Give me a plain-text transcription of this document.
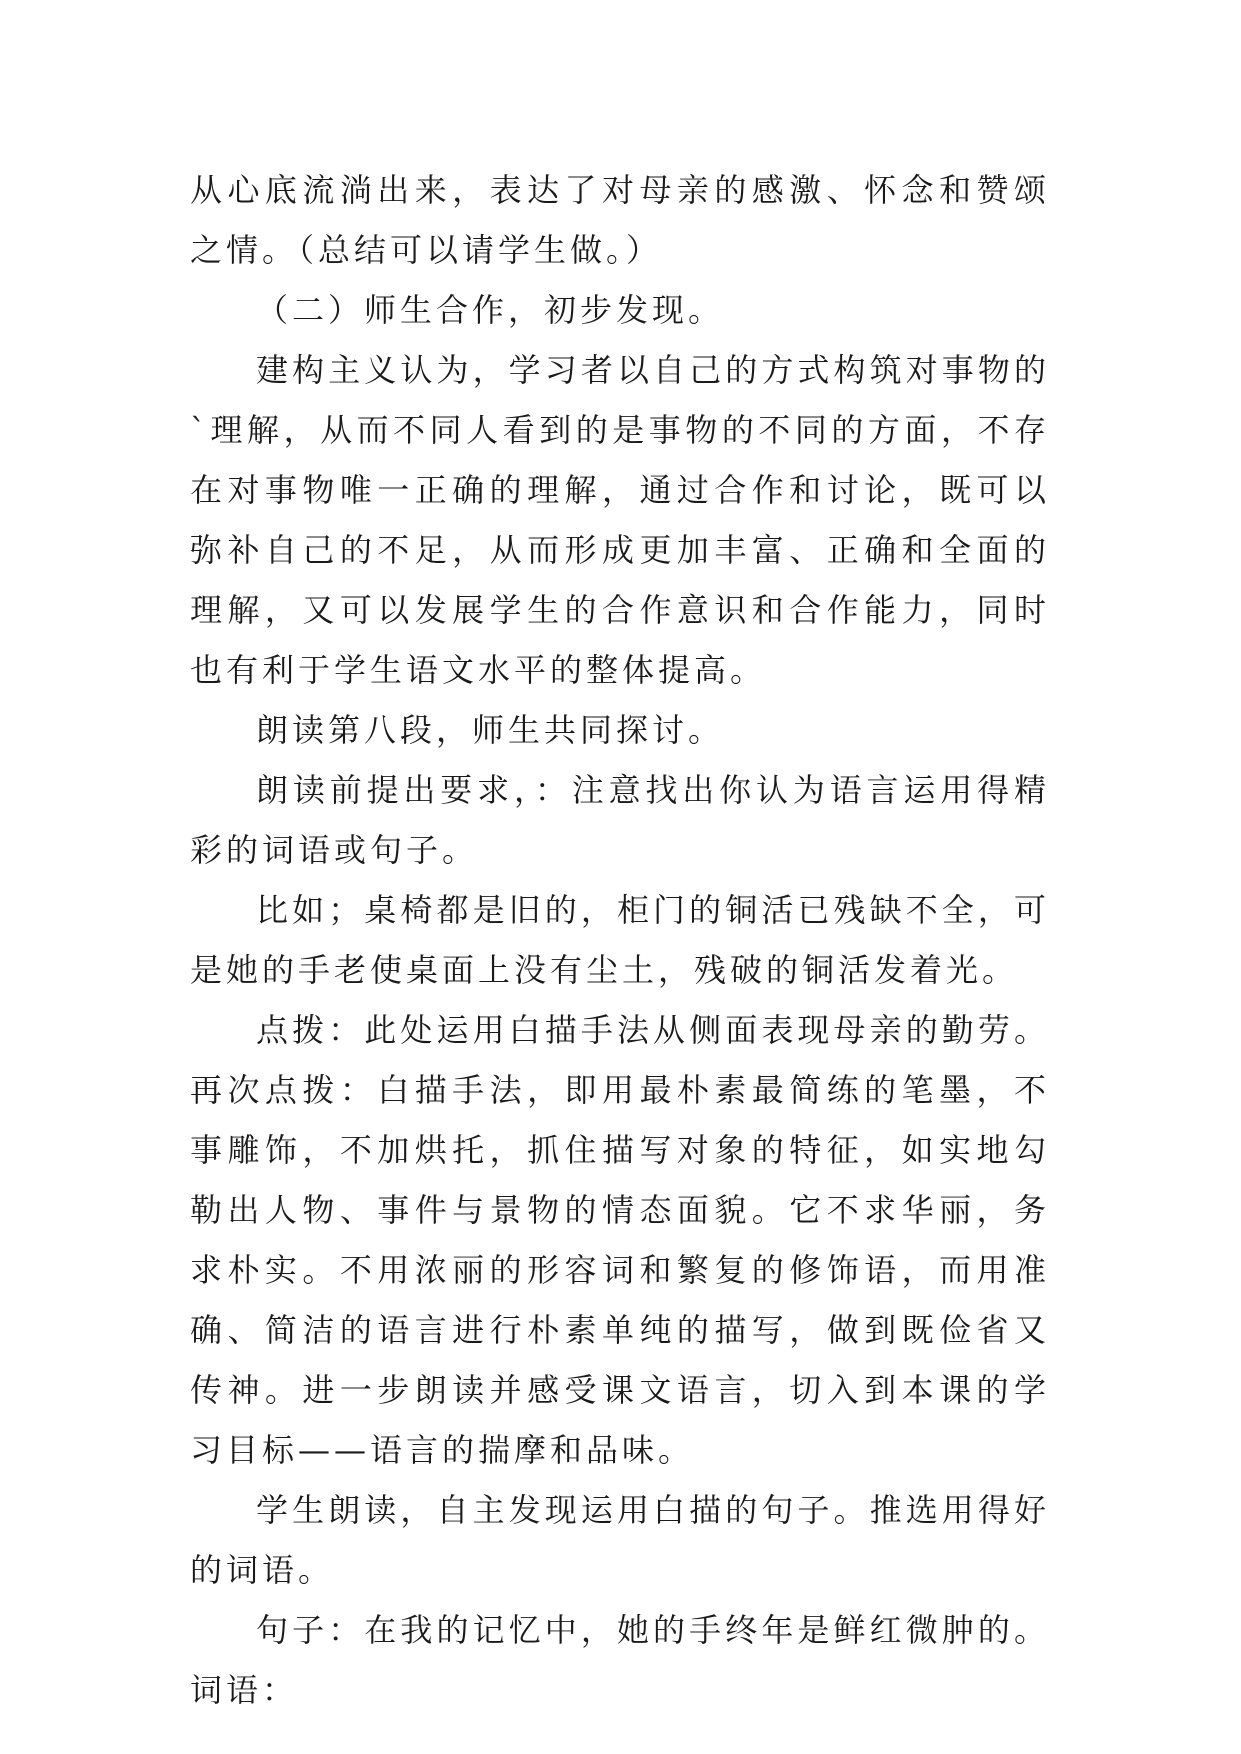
从心底流淌出来，表达了对母亲的感激、怀念和赞颂之情。（总结可以请学生做。）

（二）师生合作，初步发现。

建构主义认为，学习者以自己的方式构筑对事物的`理解，从而不同人看到的是事物的不同的方面，不存在对事物唯一正确的理解，通过合作和讨论，既可以弥补自己的不足，从而形成更加丰富、正确和全面的理解，又可以发展学生的合作意识和合作能力，同时也有利于学生语文水平的整体提高。

朗读第八段，师生共同探讨。

朗读前提出要求，：注意找出你认为语言运用得精彩的词语或句子。

比如；桌椅都是旧的，柜门的铜活已残缺不全，可是她的手老使桌面上没有尘土，残破的铜活发着光。

点拨：此处运用白描手法从侧面表现母亲的勤劳。再次点拨：白描手法，即用最朴素最简练的笔墨，不事雕饰，不加烘托，抓住描写对象的特征，如实地勾勒出人物、事件与景物的情态面貌。它不求华丽，务求朴实。不用浓丽的形容词和繁复的修饰语，而用准确、简洁的语言进行朴素单纯的描写，做到既俭省又传神。进一步朗读并感受课文语言，切入到本课的学习目标——语言的揣摩和品味。

学生朗读，自主发现运用白描的句子。推选用得好的词语。

句子：在我的记忆中，她的手终年是鲜红微肿的。词语：
